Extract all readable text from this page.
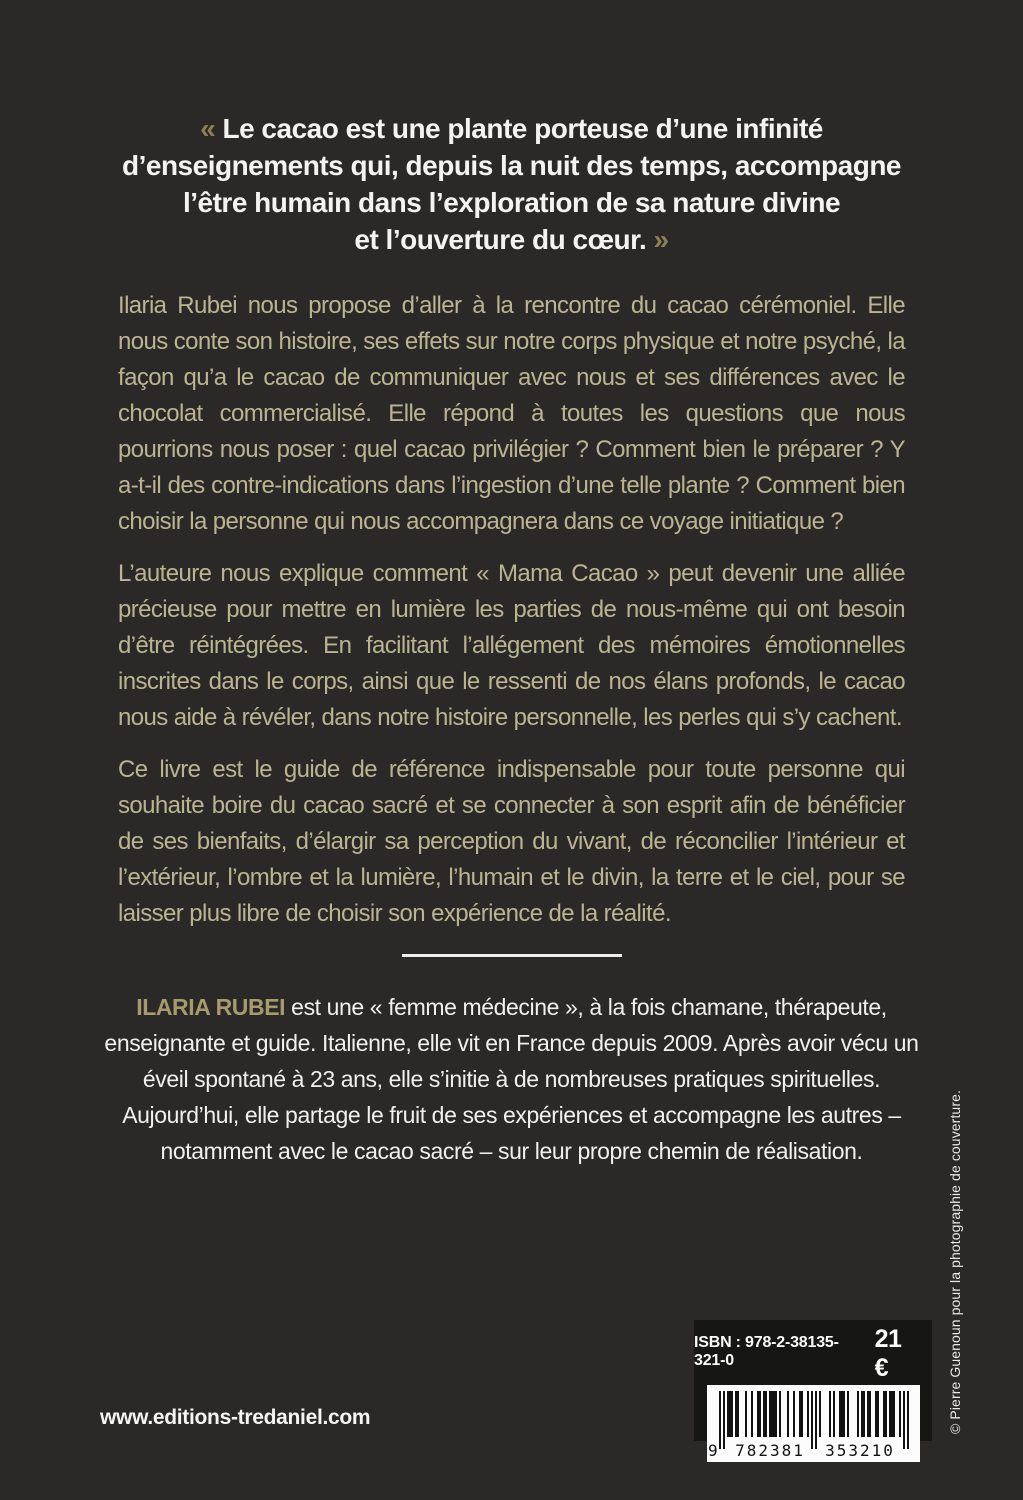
« Le cacao est une plante porteuse d’une infinité
d’enseignements qui, depuis la nuit des temps, accompagne
l’être humain dans l’exploration de sa nature divine
et l’ouverture du cœur. »

Ilaria Rubei nous propose d’aller à la rencontre du cacao cérémoniel. Elle nous conte son histoire, ses effets sur notre corps physique et notre psyché, la façon qu’a le cacao de communiquer avec nous et ses différences avec le chocolat commercialisé. Elle répond à toutes les questions que nous pourrions nous poser : quel cacao privilégier ? Comment bien le préparer ? Y a-t-il des contre-indications dans l’ingestion d’une telle plante ? Comment bien choisir la personne qui nous accompagnera dans ce voyage initiatique ?

L’auteure nous explique comment « Mama Cacao » peut devenir une alliée précieuse pour mettre en lumière les parties de nous-même qui ont besoin d’être réintégrées. En facilitant l’allégement des mémoires émotionnelles inscrites dans le corps, ainsi que le ressenti de nos élans profonds, le cacao nous aide à révéler, dans notre histoire personnelle, les perles qui s’y cachent.

Ce livre est le guide de référence indispensable pour toute personne qui souhaite boire du cacao sacré et se connecter à son esprit afin de bénéficier de ses bienfaits, d’élargir sa perception du vivant, de réconcilier l’intérieur et l’extérieur, l’ombre et la lumière, l’humain et le divin, la terre et le ciel, pour se laisser plus libre de choisir son expérience de la réalité.

ILARIA RUBEI est une « femme médecine », à la fois chamane, thérapeute, enseignante et guide. Italienne, elle vit en France depuis 2009. Après avoir vécu un éveil spontané à 23 ans, elle s’initie à de nombreuses pratiques spirituelles. Aujourd’hui, elle partage le fruit de ses expériences et accompagne les autres – notamment avec le cacao sacré – sur leur propre chemin de réalisation.

www.editions-tredaniel.com
ISBN : 978-2-38135-321-0
21 €
9	782381	353210
© Pierre Guenoun pour la photographie de couverture.
